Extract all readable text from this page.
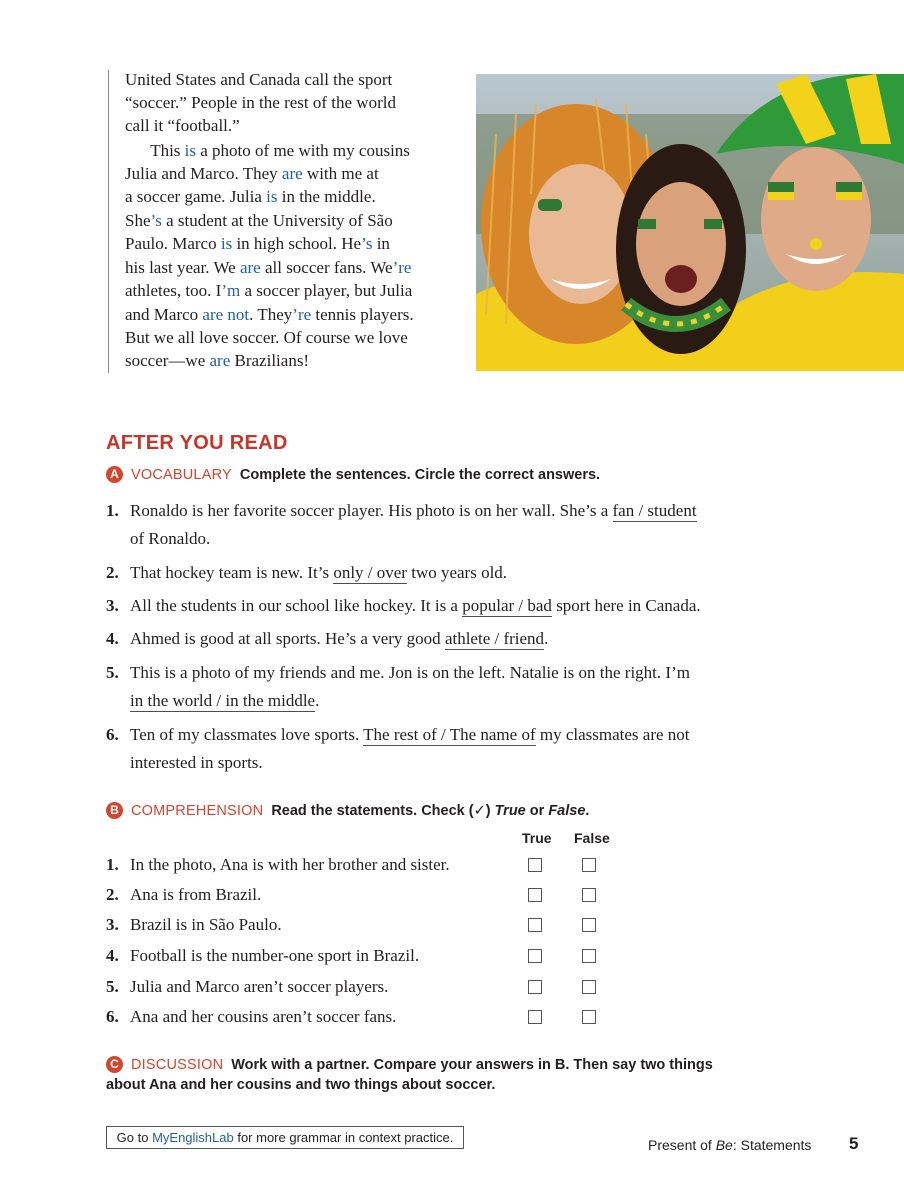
United States and Canada call the sport
“soccer.” People in the rest of the world
call it “football.”
This is a photo of me with my cousins
Julia and Marco. They are with me at
a soccer game. Julia is in the middle.
She’s a student at the University of São
Paulo. Marco is in high school. He’s in
his last year. We are all soccer fans. We’re
athletes, too. I’m a soccer player, but Julia
and Marco are not. They’re tennis players.
But we all love soccer. Of course we love
soccer—we are Brazilians!
AFTER YOU READ
A VOCABULARY Complete the sentences. Circle the correct answers.
1. Ronaldo is her favorite soccer player. His photo is on her wall. She’s a fan / student
of Ronaldo.
2. That hockey team is new. It’s only / over two years old.
3. All the students in our school like hockey. It is a popular / bad sport here in Canada.
4. Ahmed is good at all sports. He’s a very good athlete / friend.
5. This is a photo of my friends and me. Jon is on the left. Natalie is on the right. I’m
in the world / in the middle.
6. Ten of my classmates love sports. The rest of / The name of my classmates are not
interested in sports.
B COMPREHENSION Read the statements. Check (✓) True or False.
True False
1. In the photo, Ana is with her brother and sister.
2. Ana is from Brazil.
3. Brazil is in São Paulo.
4. Football is the number-one sport in Brazil.
5. Julia and Marco aren’t soccer players.
6. Ana and her cousins aren’t soccer fans.
C DISCUSSION Work with a partner. Compare your answers in B. Then say two things
about Ana and her cousins and two things about soccer.
Go to MyEnglishLab for more grammar in context practice.	Present of Be: Statements 5
